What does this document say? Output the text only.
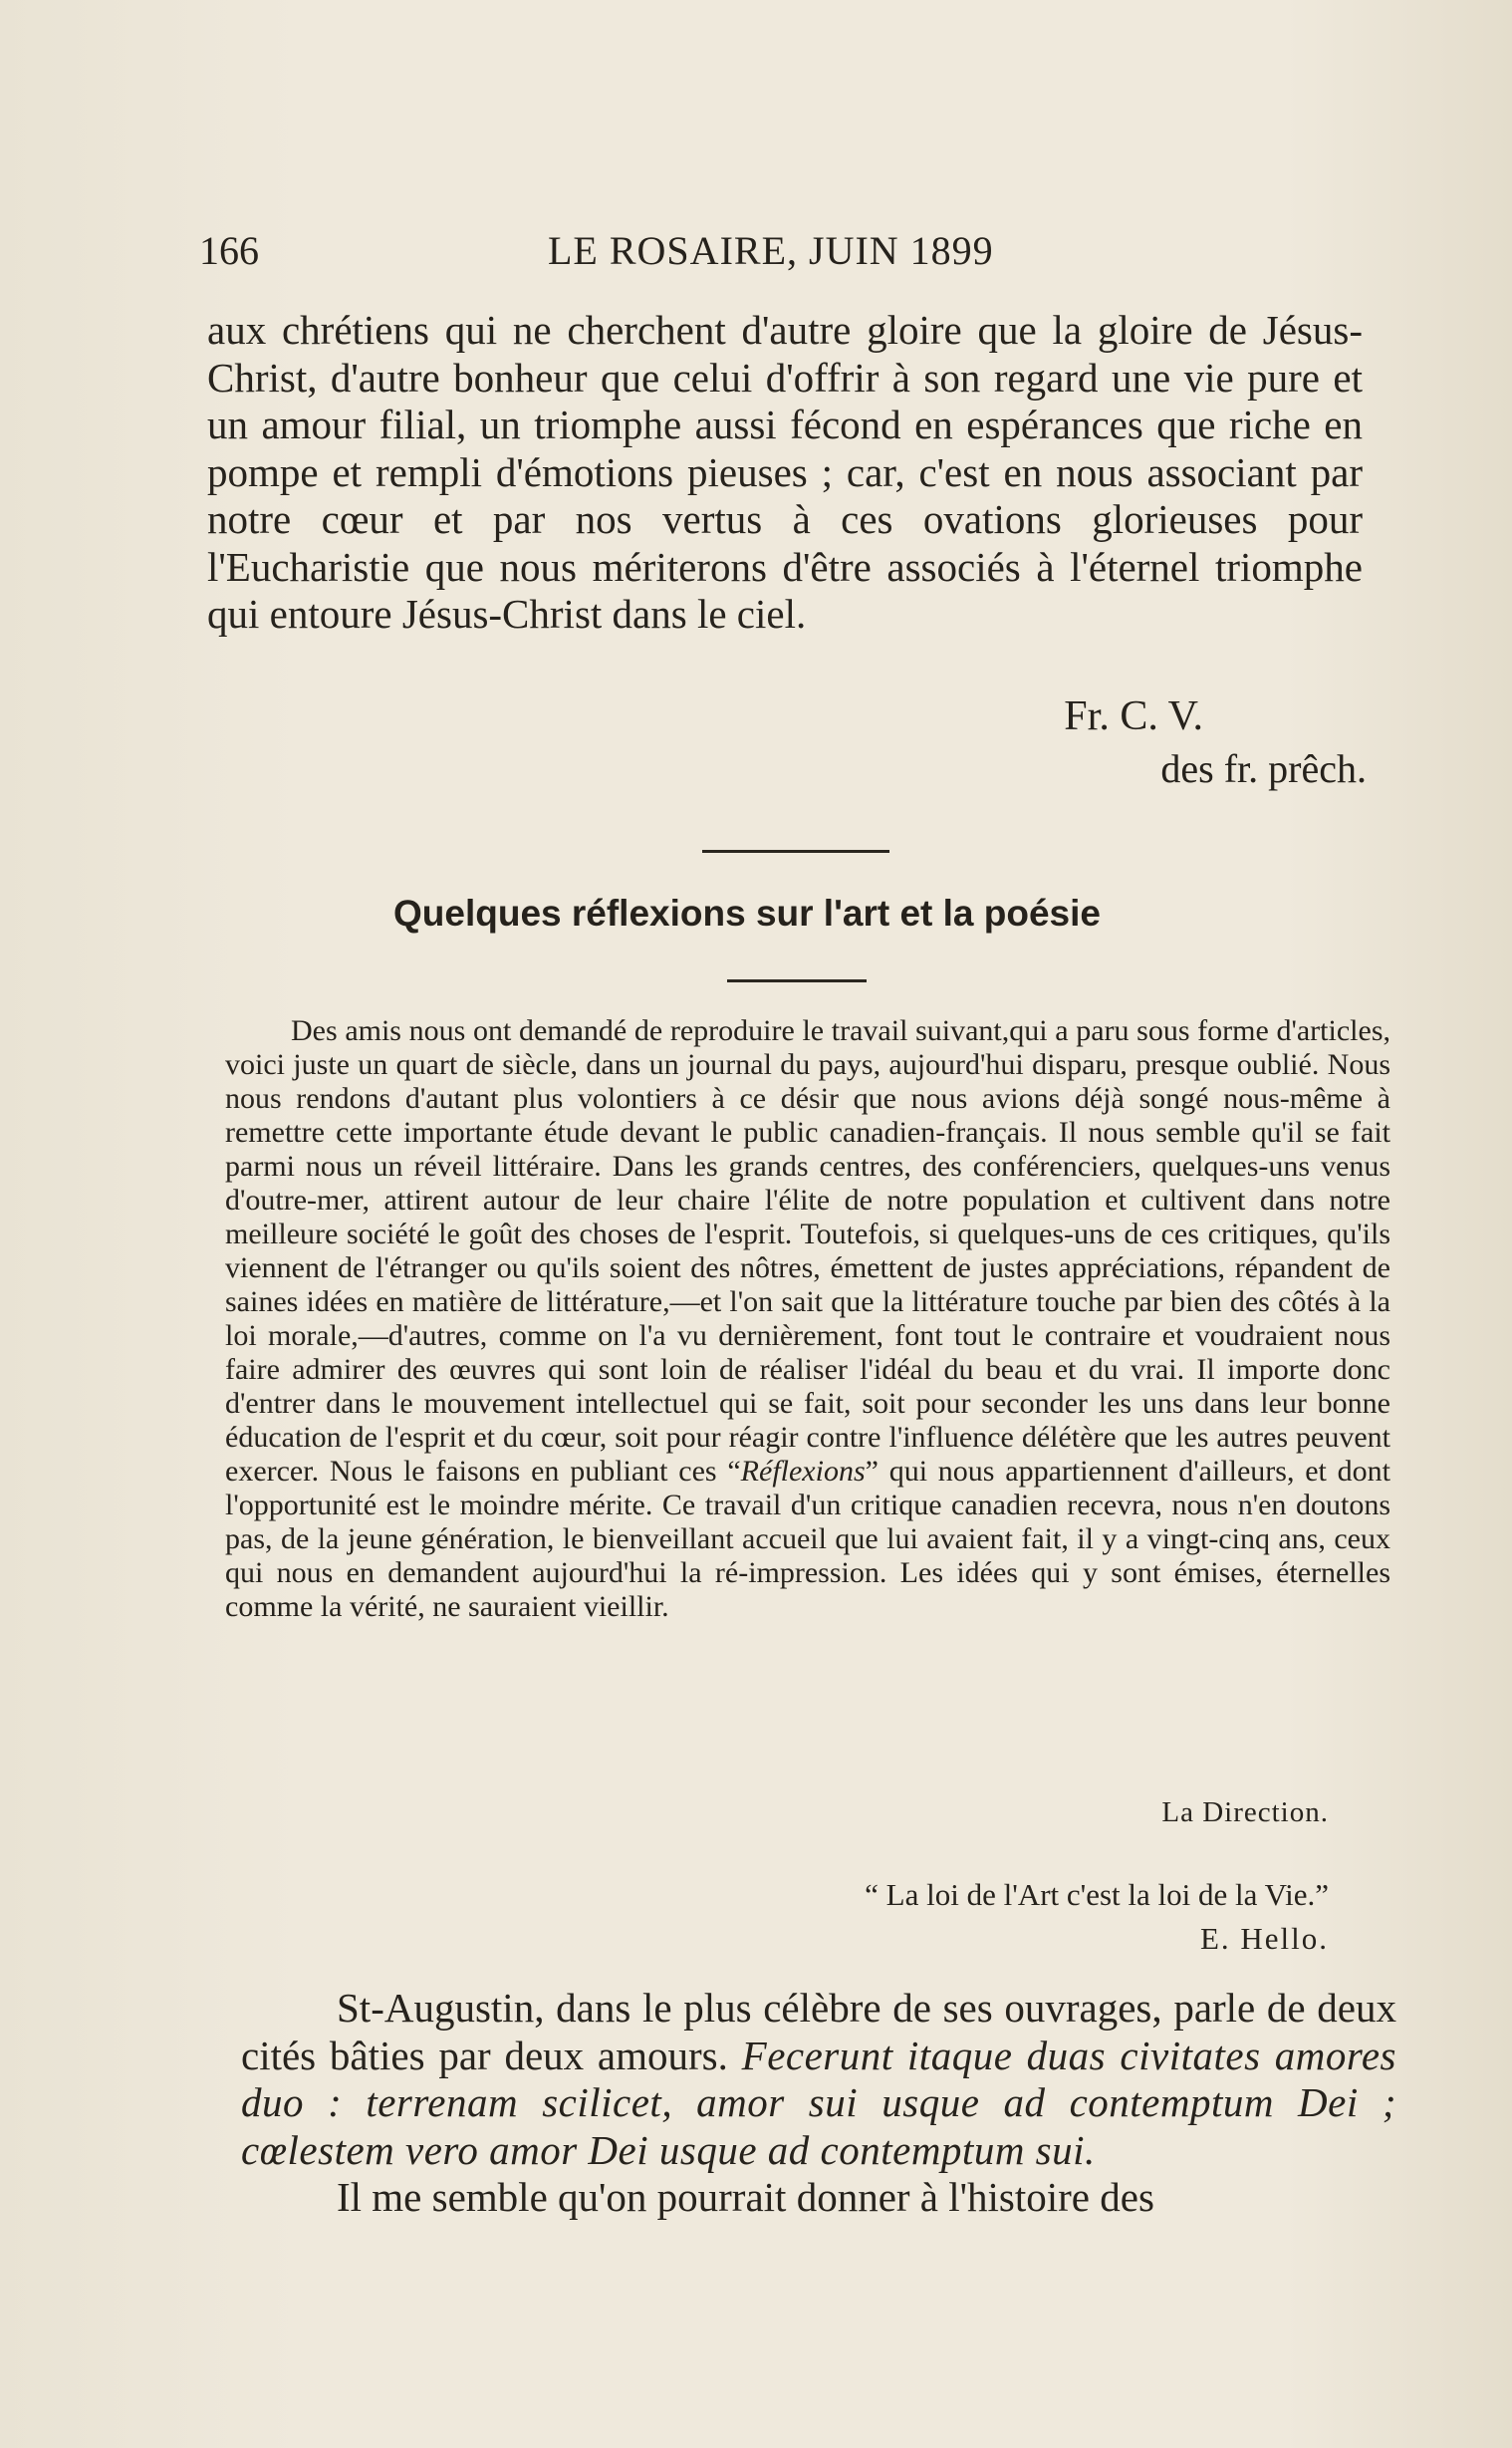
166	LE ROSAIRE, JUIN 1899

aux chrétiens qui ne cherchent d'autre gloire que la gloire de Jésus-Christ, d'autre bonheur que celui d'offrir à son regard une vie pure et un amour filial, un triomphe aussi fécond en espérances que riche en pompe et rempli d'émotions pieuses ; car, c'est en nous associant par notre cœur et par nos vertus à ces ovations glorieuses pour l'Eucharistie que nous mériterons d'être associés à l'éternel triomphe qui entoure Jésus-Christ dans le ciel.

Fr. C. V.
des fr. prêch.
Quelques réflexions sur l'art et la poésie

Des amis nous ont demandé de reproduire le travail suivant,qui a paru sous forme d'articles, voici juste un quart de siècle, dans un journal du pays, aujourd'hui disparu, presque oublié. Nous nous rendons d'autant plus volontiers à ce désir que nous avions déjà songé nous-même à remettre cette importante étude devant le public canadien-français. Il nous semble qu'il se fait parmi nous un réveil littéraire. Dans les grands centres, des conférenciers, quelques-uns venus d'outre-mer, attirent autour de leur chaire l'élite de notre population et cultivent dans notre meilleure société le goût des choses de l'esprit. Toutefois, si quelques-uns de ces critiques, qu'ils viennent de l'étranger ou qu'ils soient des nôtres, émettent de justes appréciations, répandent de saines idées en matière de littérature,—et l'on sait que la littérature touche par bien des côtés à la loi morale,—d'autres, comme on l'a vu dernièrement, font tout le contraire et voudraient nous faire admirer des œuvres qui sont loin de réaliser l'idéal du beau et du vrai. Il importe donc d'entrer dans le mouvement intellectuel qui se fait, soit pour seconder les uns dans leur bonne éducation de l'esprit et du cœur, soit pour réagir contre l'influence délétère que les autres peuvent exercer. Nous le faisons en publiant ces “Réflexions” qui nous appartiennent d'ailleurs, et dont l'opportunité est le moindre mérite. Ce travail d'un critique canadien recevra, nous n'en doutons pas, de la jeune génération, le bienveillant accueil que lui avaient fait, il y a vingt-cinq ans, ceux qui nous en demandent aujourd'hui la ré-impression. Les idées qui y sont émises, éternelles comme la vérité, ne sauraient vieillir.

La Direction.
“ La loi de l'Art c'est la loi de la Vie.”
E. Hello.

St-Augustin, dans le plus célèbre de ses ouvrages, parle de deux cités bâties par deux amours. Fecerunt itaque duas civitates amores duo : terrenam scilicet, amor sui usque ad contemptum Dei ; cœlestem vero amor Dei usque ad contemptum sui.

Il me semble qu'on pourrait donner à l'histoire des
